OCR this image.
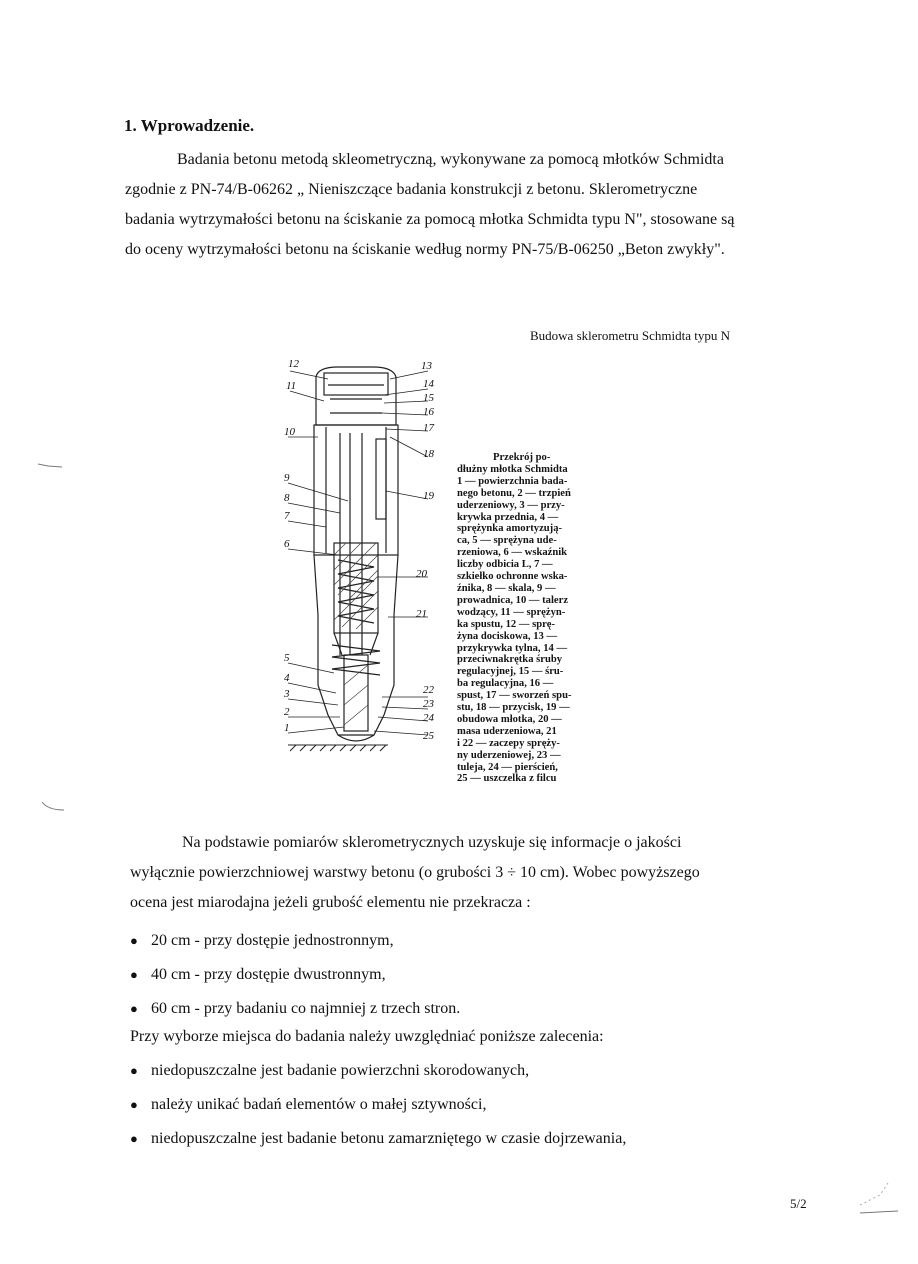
1. Wprowadzenie.
Badania betonu metodą skleometryczną, wykonywane za pomocą młotków Schmidta
zgodnie z PN-74/B-06262 „ Nieniszczące badania konstrukcji z betonu. Sklerometryczne
badania wytrzymałości betonu na ściskanie za pomocą młotka Schmidta typu N", stosowane są
do oceny wytrzymałości betonu na ściskanie według normy PN-75/B-06250 „Beton zwykły".
Budowa sklerometru Schmidta typu N
12
11
10
9
8
7
6
5
4
3
2
1
13
14
15
16
17
18
19
20
21
22
23
24
25
Przekrój po-
dłużny młotka Schmidta
1 — powierzchnia bada-
nego betonu, 2 — trzpień
uderzeniowy, 3 — przy-
krywka przednia, 4 —
sprężynka amortyzują-
ca, 5 — sprężyna ude-
rzeniowa, 6 — wskaźnik
liczby odbicia L, 7 —
szkiełko ochronne wska-
źnika, 8 — skala, 9 —
prowadnica, 10 — talerz
wodzący, 11 — sprężyn-
ka spustu, 12 — sprę-
żyna dociskowa, 13 —
przykrywka tylna, 14 —
przeciwnakrętka śruby
regulacyjnej, 15 — śru-
ba regulacyjna, 16 —
spust, 17 — sworzeń spu-
stu, 18 — przycisk, 19 —
obudowa młotka, 20 —
masa uderzeniowa, 21
i 22 — zaczepy spręży-
ny uderzeniowej, 23 —
tuleja, 24 — pierścień,
25 — uszczelka z filcu
Na podstawie pomiarów sklerometrycznych uzyskuje się informacje o jakości
wyłącznie powierzchniowej warstwy betonu (o grubości 3 ÷ 10 cm). Wobec powyższego
ocena jest miarodajna jeżeli grubość elementu nie przekracza :
● 20 cm - przy dostępie jednostronnym,
● 40 cm - przy dostępie dwustronnym,
● 60 cm - przy badaniu co najmniej z trzech stron.
Przy wyborze miejsca do badania należy uwzględniać poniższe zalecenia:
● niedopuszczalne jest badanie powierzchni skorodowanych,
● należy unikać badań elementów o małej sztywności,
● niedopuszczalne jest badanie betonu zamarzniętego w czasie dojrzewania,
5/2
